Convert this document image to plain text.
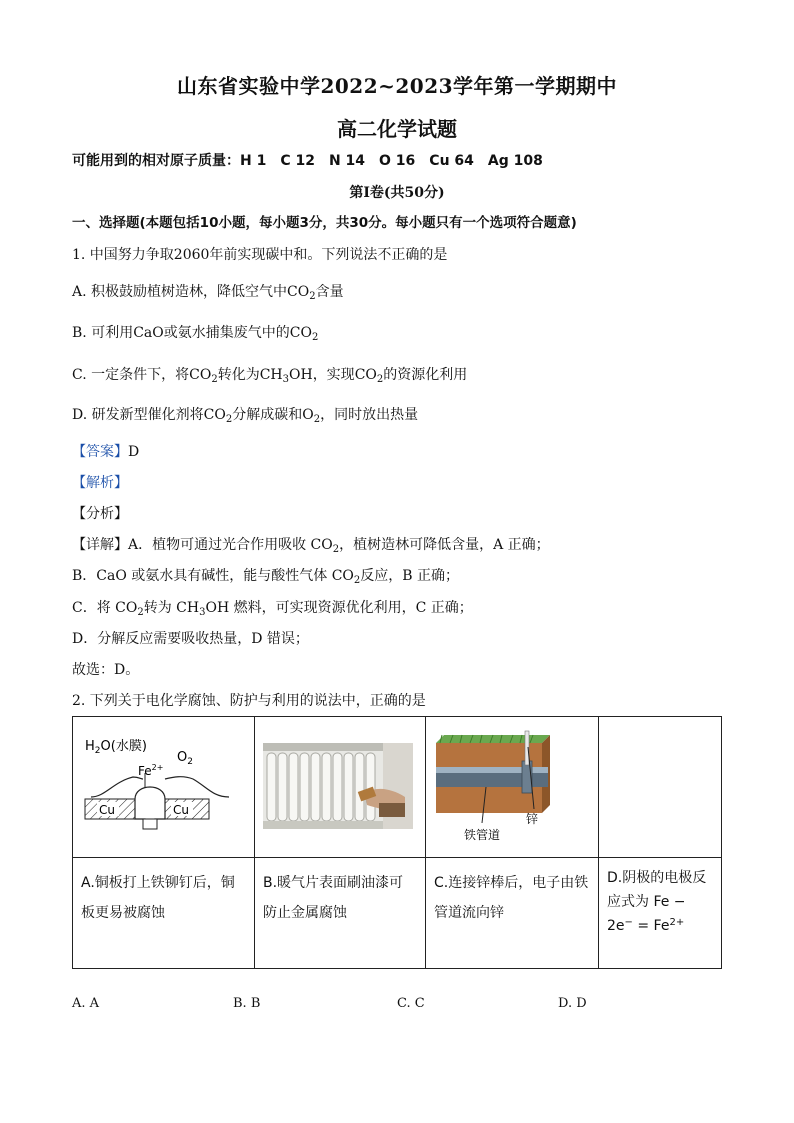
山东省实验中学2022~2023学年第一学期期中
高二化学试题
可能用到的相对原子质量：H 1　C 12　N 14　O 16　Cu 64　Ag 108
第Ⅰ卷(共50分)
一、选择题(本题包括10小题，每小题3分，共30分。每小题只有一个选项符合题意)
1. 中国努力争取2060年前实现碳中和。下列说法不正确的是
A. 积极鼓励植树造林，降低空气中$CO_2$含量
B. 可利用CaO或氨水捕集废气中的$CO_2$
C. 一定条件下，将$CO_2$转化为$CH_3OH$，实现$CO_2$的资源化利用
D. 研发新型催化剂将$CO_2$分解成碳和$O_2$，同时放出热量
【答案】D
【解析】
【分析】
【详解】A．植物可通过光合作用吸收 $CO_2$，植树造林可降低含量，A 正确；
B．CaO 或氨水具有碱性，能与酸性气体 $CO_2$反应，B 正确；
C．将 $CO_2$转为 $CH_3OH$ 燃料，可实现资源优化利用，C 正确；
D．分解反应需要吸收热量，D 错误；
故选：D。
2. 下列关于电化学腐蚀、防护与利用的说法中，正确的是
$H_2O$(水膜)
$O_2$
$Fe^{2+}$
Cu Cu		铁管道
锌	

A.铜板打上铁铆钉后，铜板更易被腐蚀	B.暖气片表面刷油漆可防止金属腐蚀	C.连接锌棒后，电子由铁管道流向锌	D.阴极的电极反应式为 $Fe - 2e^- = Fe^{2+}$
A. A	B. B	C. C	D. D
